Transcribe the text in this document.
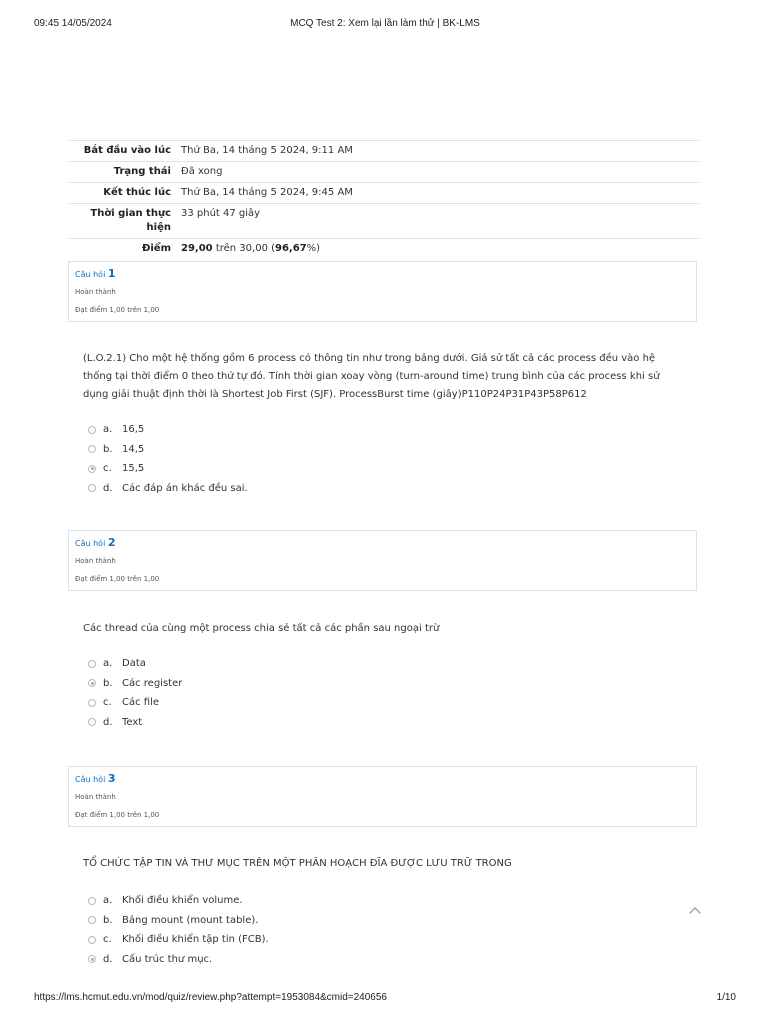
09:45 14/05/2024	MCQ Test 2: Xem lại lần làm thử | BK-LMS
Bắt đầu vào lúc	Thứ Ba, 14 tháng 5 2024, 9:11 AM
Trạng thái	Đã xong
Kết thúc lúc	Thứ Ba, 14 tháng 5 2024, 9:45 AM
Thời gian thực
hiện	33 phút 47 giây
Điểm	29,00 trên 30,00 (96,67%)
Câu hỏi 1
Hoàn thành
Đạt điểm 1,00 trên 1,00
(L.O.2.1) Cho một hệ thống gồm 6 process có thông tin như trong bảng dưới. Giả sử tất cả các process đều vào hệ thống tại thời điểm 0 theo thứ tự đó. Tính thời gian xoay vòng (turn-around time) trung bình của các process khi sử dụng giải thuật định thời là Shortest Job First (SJF). ProcessBurst time (giây)P110P24P31P43P58P612
a. 16,5
b. 14,5
c.	15,5
d. Các đáp án khác đều sai.
Câu hỏi 2
Hoàn thành
Đạt điểm 1,00 trên 1,00
Các thread của cùng một process chia sẻ tất cả các phần sau ngoại trừ
a. Data
b. Các register
c.	Các file
d. Text
Câu hỏi 3
Hoàn thành
Đạt điểm 1,00 trên 1,00
TỔ CHỨC TẬP TIN VÀ THƯ MỤC TRÊN MỘT PHÂN HOẠCH ĐĨA ĐƯỢC LƯU TRỮ TRONG
a. Khối điều khiển volume.
b. Bảng mount (mount table).
c.	Khối điều khiển tập tin (FCB).
d. Cấu trúc thư mục.
https://lms.hcmut.edu.vn/mod/quiz/review.php?attempt=1953084&cmid=240656	1/10
